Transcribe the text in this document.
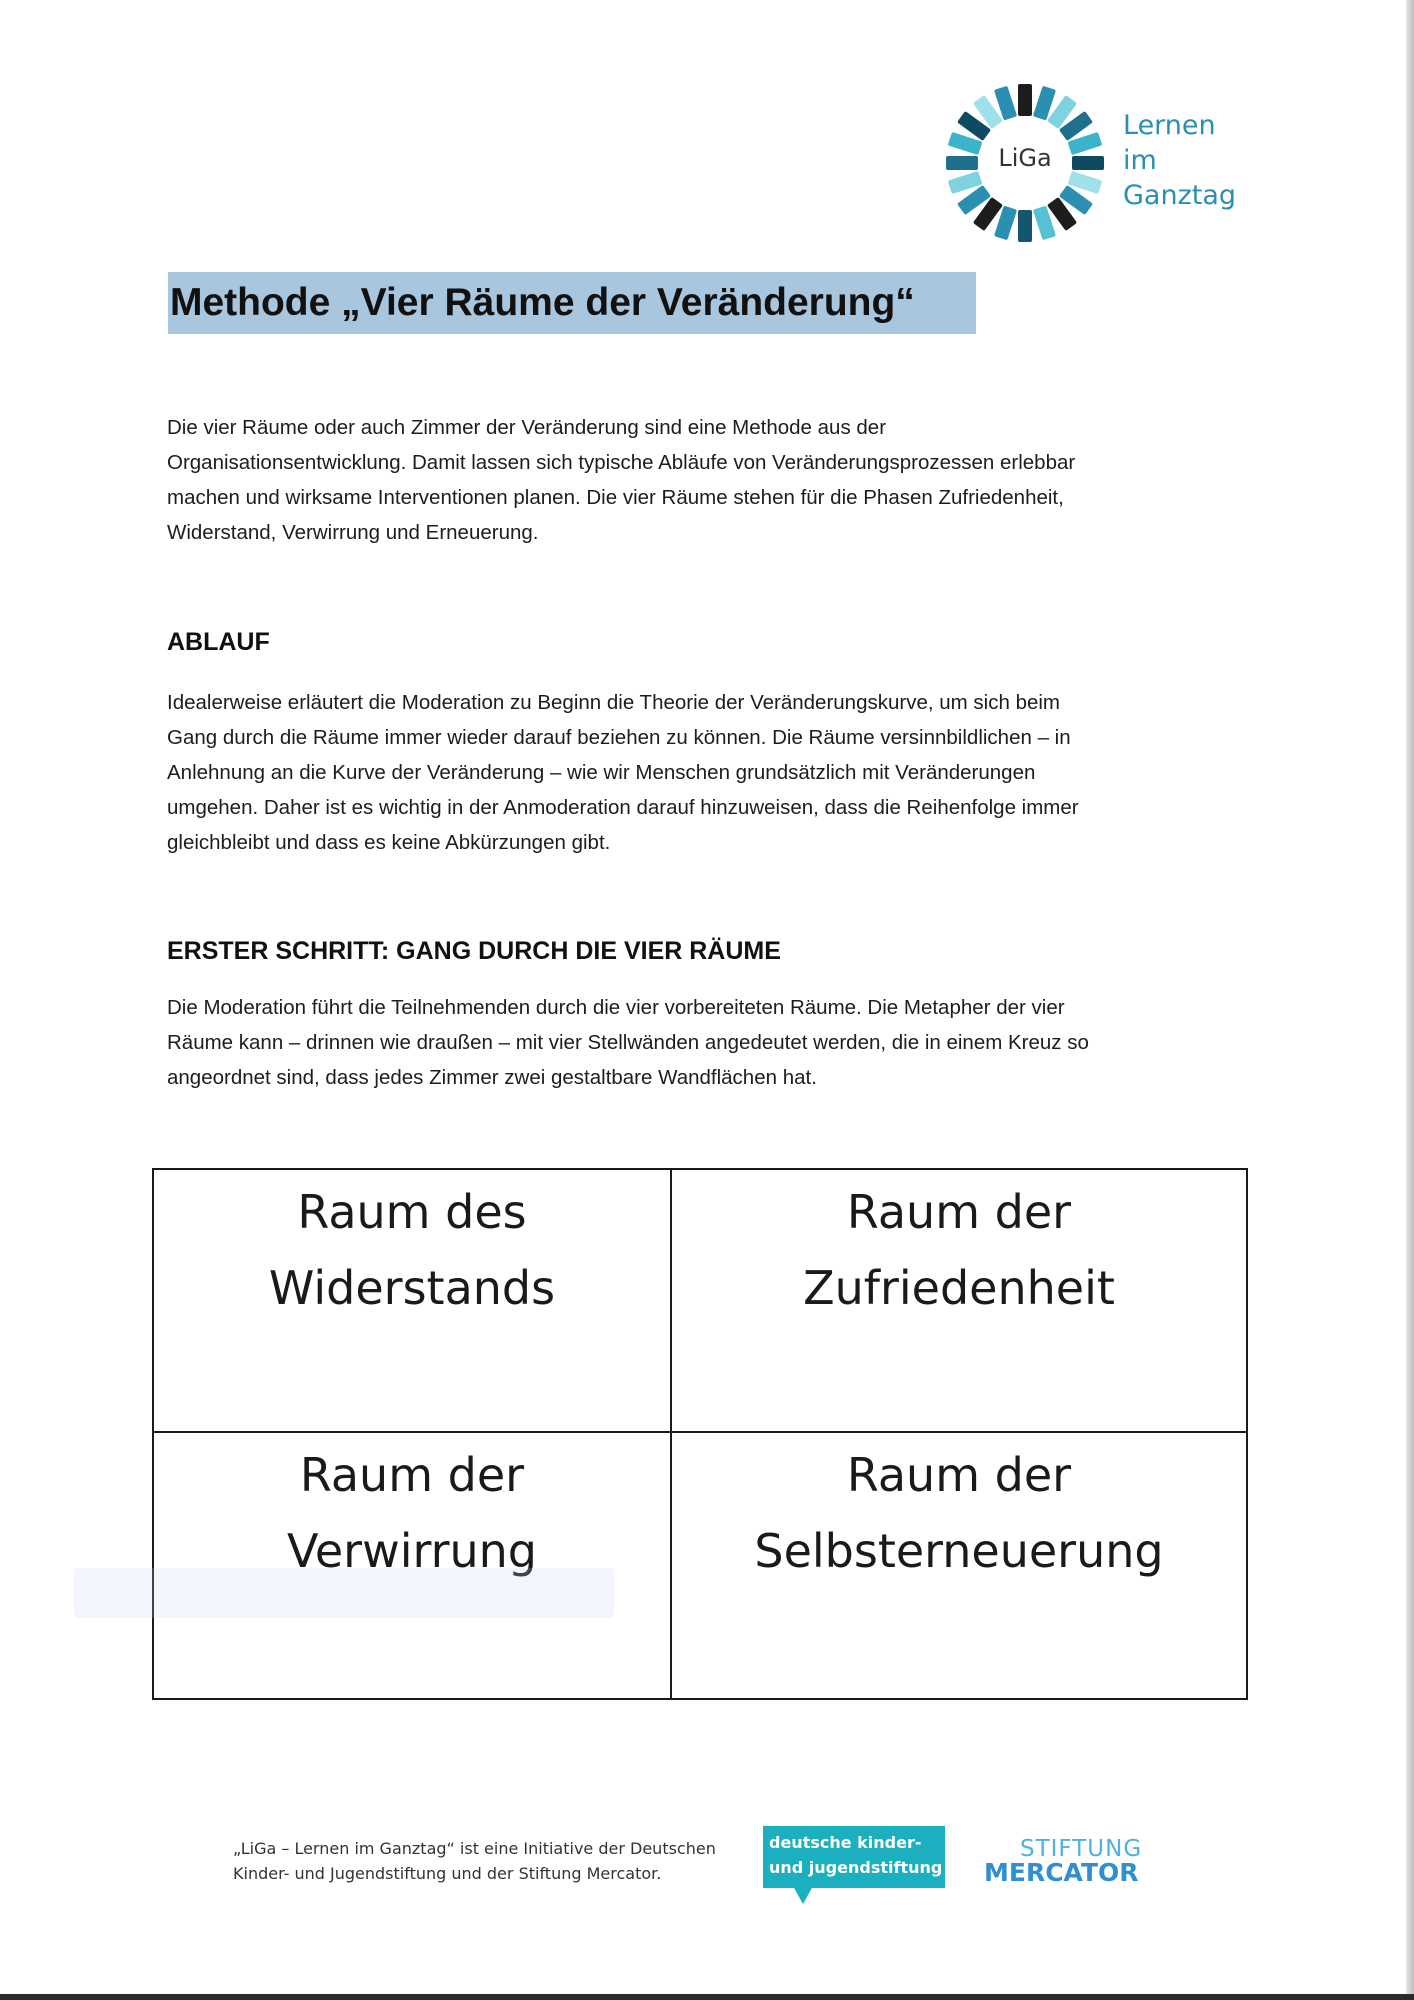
LiGa
Lernen
im
Ganztag
Methode „Vier Räume der Veränderung“

Die vier Räume oder auch Zimmer der Veränderung sind eine Methode aus der
Organisationsentwicklung. Damit lassen sich typische Abläufe von Veränderungsprozessen erlebbar
machen und wirksame Interventionen planen. Die vier Räume stehen für die Phasen Zufriedenheit,
Widerstand, Verwirrung und Erneuerung.

ABLAUF

Idealerweise erläutert die Moderation zu Beginn die Theorie der Veränderungskurve, um sich beim
Gang durch die Räume immer wieder darauf beziehen zu können. Die Räume versinnbildlichen – in
Anlehnung an die Kurve der Veränderung – wie wir Menschen grundsätzlich mit Veränderungen
umgehen. Daher ist es wichtig in der Anmoderation darauf hinzuweisen, dass die Reihenfolge immer
gleichbleibt und dass es keine Abkürzungen gibt.

ERSTER SCHRITT: GANG DURCH DIE VIER RÄUME

Die Moderation führt die Teilnehmenden durch die vier vorbereiteten Räume. Die Metapher der vier
Räume kann – drinnen wie draußen – mit vier Stellwänden angedeutet werden, die in einem Kreuz so
angeordnet sind, dass jedes Zimmer zwei gestaltbare Wandflächen hat.

Raum des
Widerstands
Raum der
Zufriedenheit
Raum der
Verwirrung
Raum der
Selbsterneuerung
„LiGa – Lernen im Ganztag“ ist eine Initiative der Deutschen
Kinder- und Jugendstiftung und der Stiftung Mercator.
deutsche kinder-
und jugendstiftung
STIFTUNG
MERCATOR
